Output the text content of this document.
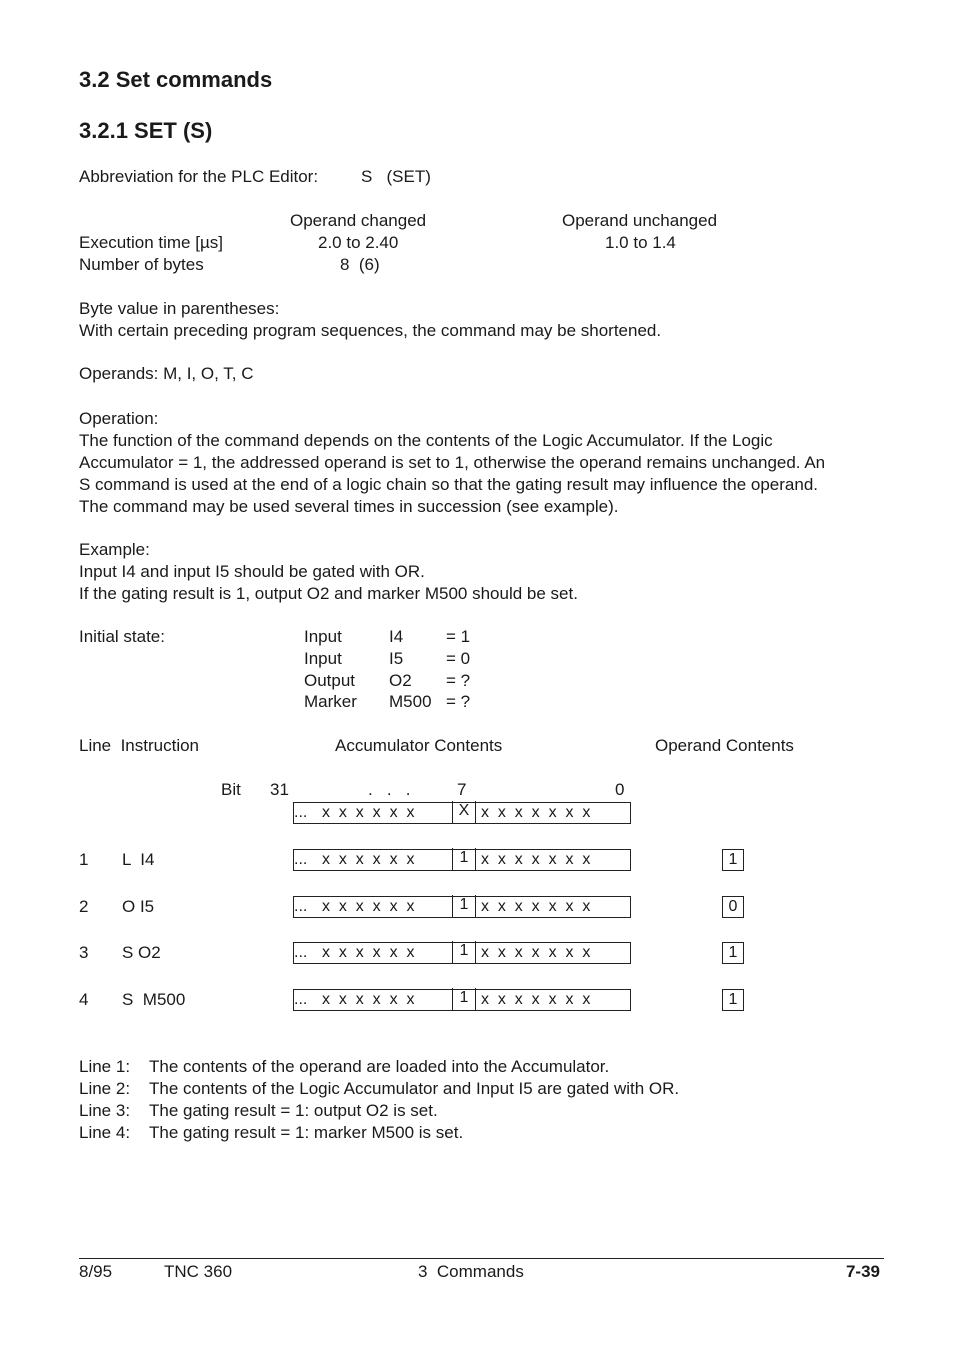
3.2 Set commands
3.2.1 SET (S)
Abbreviation for the PLC Editor:	S   (SET)
Operand changed	Operand unchanged
Execution time [µs]	2.0 to 2.40	1.0 to 1.4
Number of bytes	8  (6)
Byte value in parentheses:
With certain preceding program sequences, the command may be shortened.
Operands: M, I, O, T, C
Operation:
The function of the command depends on the contents of the Logic Accumulator. If the Logic
Accumulator = 1, the addressed operand is set to 1, otherwise the operand remains unchanged. An
S command is used at the end of a logic chain so that the gating result may influence the operand.
The command may be used several times in succession (see example).
Example:
Input I4 and input I5 should be gated with OR.
If the gating result is 1, output O2 and marker M500 should be set.
Initial state:	Input	I4	= 1
Input	I5	= 0
Output O2 = ?
Marker M500 = ?
Line  Instruction	Accumulator Contents	Operand Contents
Bit 31	.   .   .	7	0
... x  x  x  x  x  x	X x  x  x  x  x  x  x
1 L  I4	... x  x  x  x  x  x	1 x  x  x  x  x  x  x	1
2 O I5	... x  x  x  x  x  x	1 x  x  x  x  x  x  x	0
3 S O2	... x  x  x  x  x  x	1 x  x  x  x  x  x  x	1
4 S  M500	... x  x  x  x  x  x	1 x  x  x  x  x  x  x	1
Line 1: The contents of the operand are loaded into the Accumulator.
Line 2: The contents of the Logic Accumulator and Input I5 are gated with OR.
Line 3: The gating result = 1: output O2 is set.
Line 4: The gating result = 1: marker M500 is set.
8/95	TNC 360	3  Commands	7-39
